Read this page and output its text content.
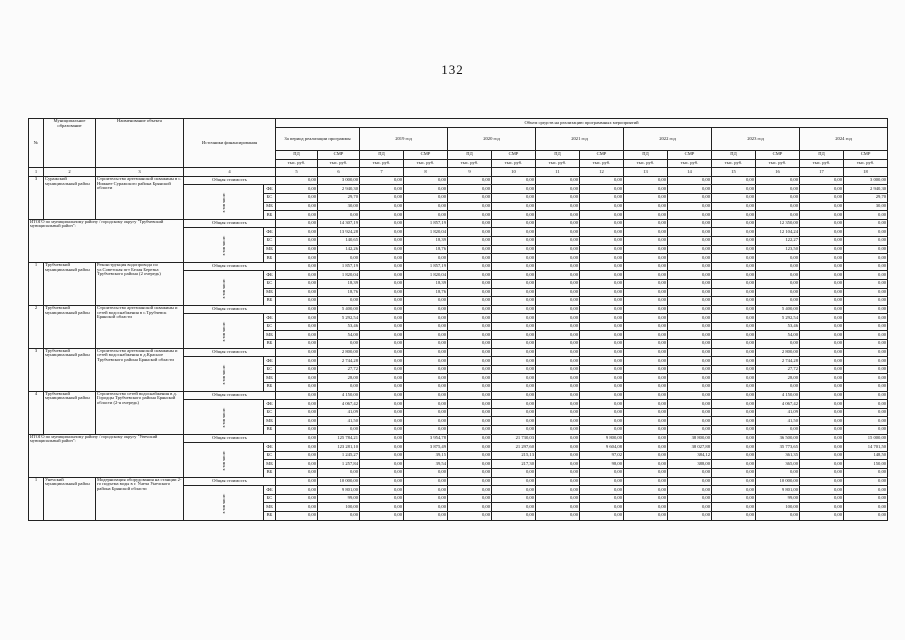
132
№	Муниципальное образование	Наименование объекта	Источники финансирования		Объем средств на реализацию программных мероприятий													
					За период реализации программы		2019 год		2020 год		2021 год		2022 год		2023 год		2024 год	
					ПД	СМР	ПД	СМР	ПД	СМР	ПД	СМР	ПД	СМР	ПД	СМР	ПД	СМР
					тыс. руб.	тыс. руб.	тыс. руб.	тыс. руб.	тыс. руб.	тыс. руб.	тыс. руб.	тыс. руб.	тыс. руб.	тыс. руб.	тыс. руб.	тыс. руб.	тыс. руб.	тыс. руб.
1	2	3	4		5	6	7	8	9	10	11	12	13	14	15	16	17	18
3	Суражский муниципальный район	Строительство артезианской скважины в с. Нижнее Суражского района Брянской области	Общая стоимость		0,00	3 000,00	0,00	0,00	0,00	0,00	0,00	0,00	0,00	0,00	0,00	0,00	0,00	3 000,00
			в том числе:	ФБ	0,00	2 940,30	0,00	0,00	0,00	0,00	0,00	0,00	0,00	0,00	0,00	0,00	0,00	2 940,30
				БС	0,00	29,70	0,00	0,00	0,00	0,00	0,00	0,00	0,00	0,00	0,00	0,00	0,00	29,70
				МБ	0,00	30,00	0,00	0,00	0,00	0,00	0,00	0,00	0,00	0,00	0,00	0,00	0,00	30,00
				ВБ	0,00	0,00	0,00	0,00	0,00	0,00	0,00	0,00	0,00	0,00	0,00	0,00	0,00	0,00
ИТОГО по муниципальному району / городскому округу "Трубчевский муниципальный район":			Общая стоимость		0,00	14 307,19	0,00	1 857,19	0,00	0,00	0,00	0,00	0,00	0,00	0,00	12 350,00	0,00	0,00
			в том числе:	ФБ	0,00	13 924,28	0,00	1 820,04	0,00	0,00	0,00	0,00	0,00	0,00	0,00	12 104,24	0,00	0,00
				БС	0,00	140,65	0,00	18,39	0,00	0,00	0,00	0,00	0,00	0,00	0,00	122,27	0,00	0,00
				МБ	0,00	142,26	0,00	18,76	0,00	0,00	0,00	0,00	0,00	0,00	0,00	123,50	0,00	0,00
				ВБ	0,00	0,00	0,00	0,00	0,00	0,00	0,00	0,00	0,00	0,00	0,00	0,00	0,00	0,00
1	Трубчевский муниципальный район	Реконструкция водопровода по ул.Советская пгт Белая Березка Трубчевского района (2 очередь)	Общая стоимость		0,00	1 857,19	0,00	1 857,19	0,00	0,00	0,00	0,00	0,00	0,00	0,00	0,00	0,00	0,00
			в том числе:	ФБ	0,00	1 820,04	0,00	1 820,04	0,00	0,00	0,00	0,00	0,00	0,00	0,00	0,00	0,00	0,00
				БС	0,00	18,39	0,00	18,39	0,00	0,00	0,00	0,00	0,00	0,00	0,00	0,00	0,00	0,00
				МБ	0,00	18,76	0,00	18,76	0,00	0,00	0,00	0,00	0,00	0,00	0,00	0,00	0,00	0,00
				ВБ	0,00	0,00	0,00	0,00	0,00	0,00	0,00	0,00	0,00	0,00	0,00	0,00	0,00	0,00
2	Трубчевский муниципальный район	Строительство артезианской скважины и сетей водоснабжения в с.Трубчевск Брянской области	Общая стоимость		0,00	5 400,00	0,00	0,00	0,00	0,00	0,00	0,00	0,00	0,00	0,00	5 400,00	0,00	0,00
			в том числе:	ФБ	0,00	5 292,54	0,00	0,00	0,00	0,00	0,00	0,00	0,00	0,00	0,00	5 292,54	0,00	0,00
				БС	0,00	53,46	0,00	0,00	0,00	0,00	0,00	0,00	0,00	0,00	0,00	53,46	0,00	0,00
				МБ	0,00	54,00	0,00	0,00	0,00	0,00	0,00	0,00	0,00	0,00	0,00	54,00	0,00	0,00
				ВБ	0,00	0,00	0,00	0,00	0,00	0,00	0,00	0,00	0,00	0,00	0,00	0,00	0,00	0,00
3	Трубчевский муниципальный район	Строительство артезианской скважины и сетей водоснабжения в д.Красное Трубчевского района Брянской области	Общая стоимость		0,00	2 800,00	0,00	0,00	0,00	0,00	0,00	0,00	0,00	0,00	0,00	2 800,00	0,00	0,00
			в том числе:	ФБ	0,00	2 744,28	0,00	0,00	0,00	0,00	0,00	0,00	0,00	0,00	0,00	2 744,28	0,00	0,00
				БС	0,00	27,72	0,00	0,00	0,00	0,00	0,00	0,00	0,00	0,00	0,00	27,72	0,00	0,00
				МБ	0,00	28,00	0,00	0,00	0,00	0,00	0,00	0,00	0,00	0,00	0,00	28,00	0,00	0,00
				ВБ	0,00	0,00	0,00	0,00	0,00	0,00	0,00	0,00	0,00	0,00	0,00	0,00	0,00	0,00
4	Трубчевский муниципальный район	Строительство сетей водоснабжения в д. Городцы Трубчевского района Брянской области (2-я очередь)	Общая стоимость		0,00	4 150,00	0,00	0,00	0,00	0,00	0,00	0,00	0,00	0,00	0,00	4 150,00	0,00	0,00
			в том числе:	ФБ	0,00	4 067,42	0,00	0,00	0,00	0,00	0,00	0,00	0,00	0,00	0,00	4 067,42	0,00	0,00
				БС	0,00	41,09	0,00	0,00	0,00	0,00	0,00	0,00	0,00	0,00	0,00	41,09	0,00	0,00
				МБ	0,00	41,50	0,00	0,00	0,00	0,00	0,00	0,00	0,00	0,00	0,00	41,50	0,00	0,00
				ВБ	0,00	0,00	0,00	0,00	0,00	0,00	0,00	0,00	0,00	0,00	0,00	0,00	0,00	0,00
ИТОГО по муниципальному району / городскому округу "Унечский муниципальный район":			Общая стоимость		0,00	125 784,21	0,00	3 954,78	0,00	21 730,03	0,00	9 800,00	0,00	38 800,00	0,00	36 500,00	0,00	15 000,00
			в том числе:	ФБ	0,00	123 281,10	0,00	3 875,49	0,00	21 297,60	0,00	9 604,08	0,00	38 027,88	0,00	35 773,65	0,00	14 701,50
				БС	0,00	1 245,27	0,00	39,15	0,00	215,13	0,00	97,02	0,00	384,12	0,00	361,35	0,00	148,50
				МБ	0,00	1 257,84	0,00	39,54	0,00	217,30	0,00	98,00	0,00	388,00	0,00	365,00	0,00	150,00
				ВБ	0,00	0,00	0,00	0,00	0,00	0,00	0,00	0,00	0,00	0,00	0,00	0,00	0,00	0,00
1	Унечский муниципальный район	Модернизация оборудования на станции 2-го подъема воды в г. Унеча Унечского района Брянской области	Общая стоимость		0,00	10 000,00	0,00	0,00	0,00	0,00	0,00	0,00	0,00	0,00	0,00	10 000,00	0,00	0,00
			в том числе:	ФБ	0,00	9 801,00	0,00	0,00	0,00	0,00	0,00	0,00	0,00	0,00	0,00	9 801,00	0,00	0,00
				БС	0,00	99,00	0,00	0,00	0,00	0,00	0,00	0,00	0,00	0,00	0,00	99,00	0,00	0,00
				МБ	0,00	100,00	0,00	0,00	0,00	0,00	0,00	0,00	0,00	0,00	0,00	100,00	0,00	0,00
				ВБ	0,00	0,00	0,00	0,00	0,00	0,00	0,00	0,00	0,00	0,00	0,00	0,00	0,00	0,00
